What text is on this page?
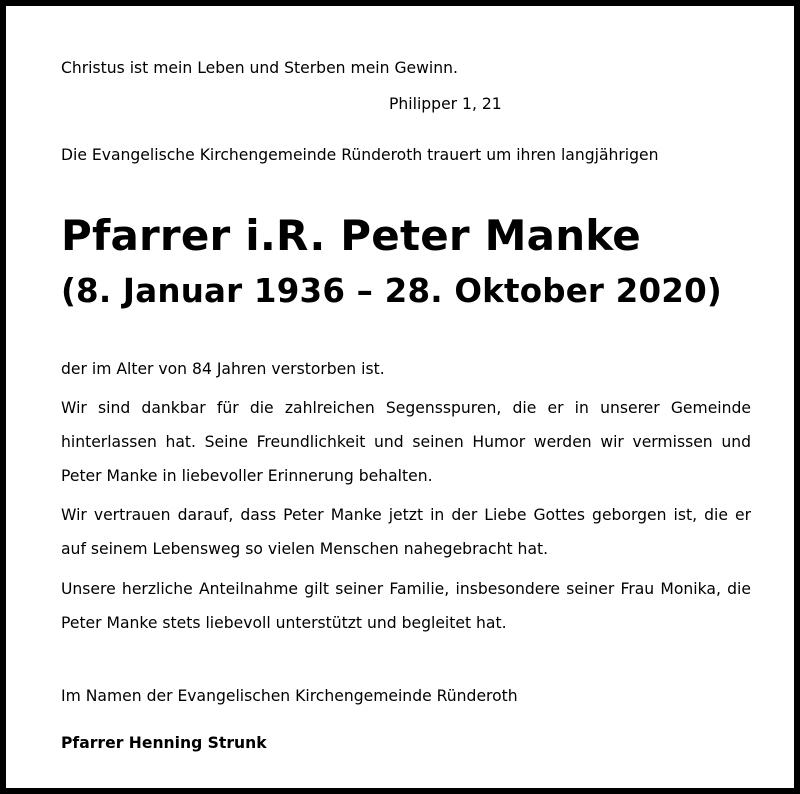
Christus ist mein Leben und Sterben mein Gewinn.
Philipper 1, 21
Die Evangelische Kirchengemeinde Ründeroth trauert um ihren langjährigen
Pfarrer i.R. Peter Manke
(8. Januar 1936 – 28. Oktober 2020)
der im Alter von 84 Jahren verstorben ist.
Wir sind dankbar für die zahlreichen Segensspuren, die er in unserer Gemeinde
hinterlassen hat. Seine Freundlichkeit und seinen Humor werden wir vermissen und
Peter Manke in liebevoller Erinnerung behalten.
Wir vertrauen darauf, dass Peter Manke jetzt in der Liebe Gottes geborgen ist, die er
auf seinem Lebensweg so vielen Menschen nahegebracht hat.
Unsere herzliche Anteilnahme gilt seiner Familie, insbesondere seiner Frau Monika, die
Peter Manke stets liebevoll unterstützt und begleitet hat.
Im Namen der Evangelischen Kirchengemeinde Ründeroth
Pfarrer Henning Strunk
